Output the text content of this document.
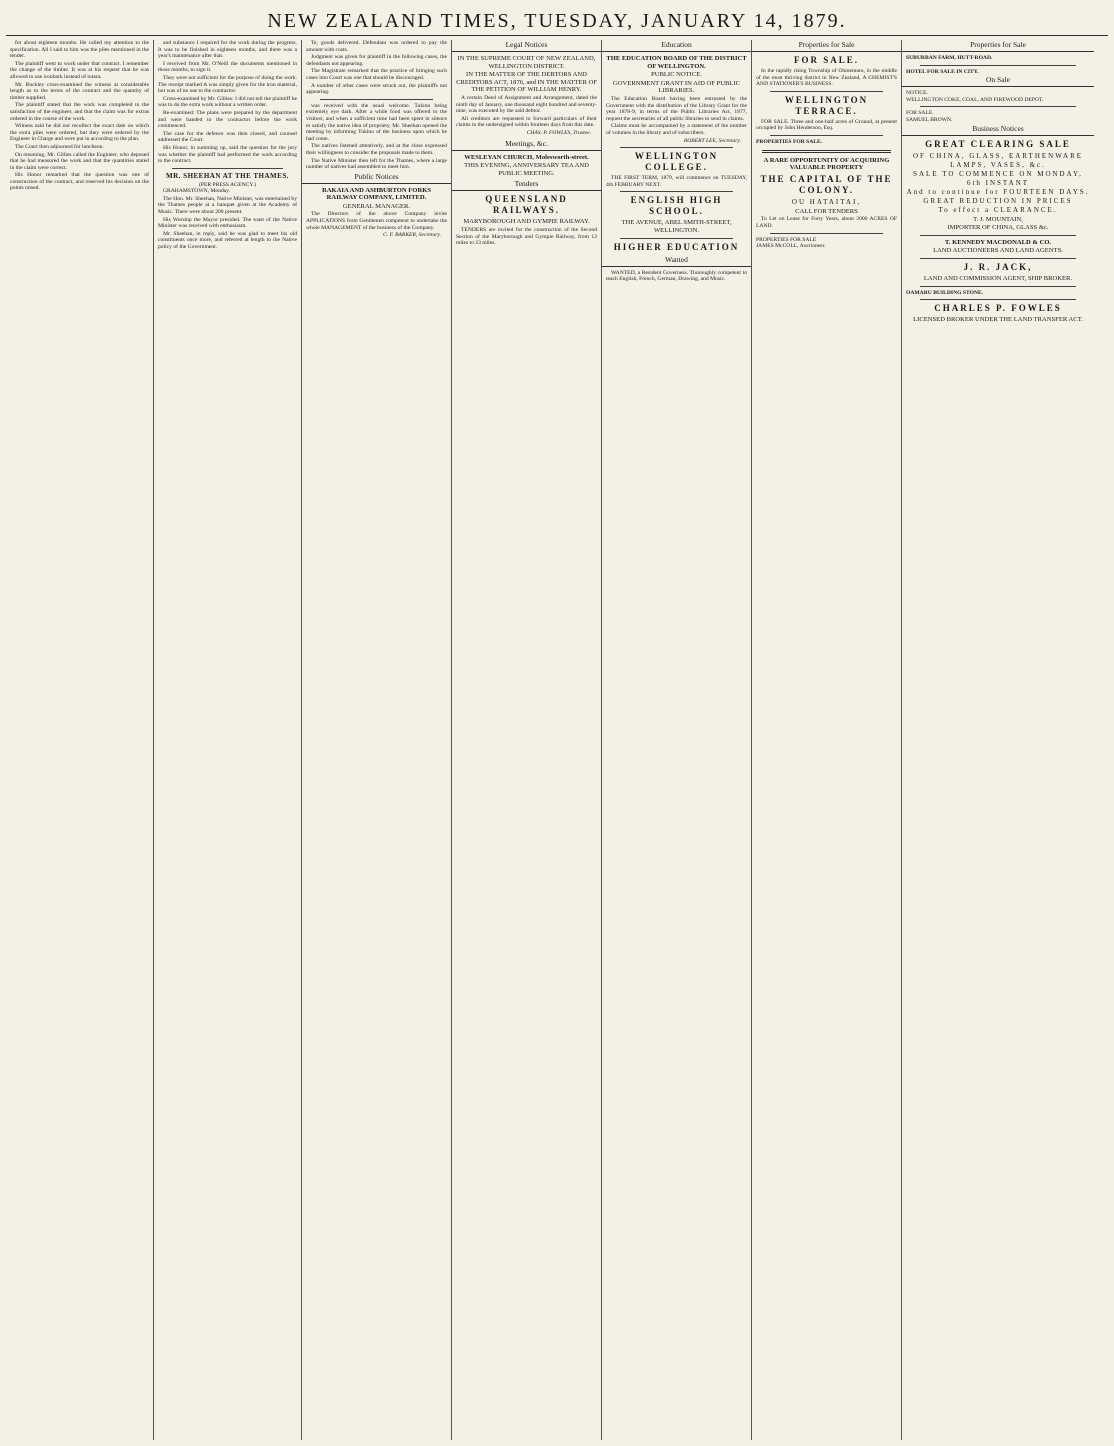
NEW ZEALAND TIMES, TUESDAY, JANUARY 14, 1879.

for about eighteen months. He called my attention to the specification. All I said to him was the piles mentioned in the tender.

The plaintiff went to work under that contract. I remember the change of the timber. It was at his request that he was allowed to use ironbark instead of totara.

Mr. Buckley cross-examined the witness at considerable length as to the terms of the contract and the quantity of timber supplied.

The plaintiff stated that the work was completed to the satisfaction of the engineer, and that the claim was for extras ordered in the course of the work.

Witness said he did not recollect the exact date on which the extra piles were ordered, but they were ordered by the Engineer in Charge and were put in according to the plan.

The Court then adjourned for luncheon.

On resuming, Mr. Gillies called the Engineer, who deposed that he had measured the work and that the quantities stated in the claim were correct.

His Honor remarked that the question was one of construction of the contract, and reserved his decision on the points raised.

and substance I required for the work during the progress. It was to be finished in eighteen months, and there was a year's maintenance after that.

I received from Mr. O'Neill the documents mentioned in those months, to sign it.

They were not sufficient for the purpose of doing the work. The receipt marked A was simply given for the iron material, but was of no use to the contractor.

Cross-examined by Mr. Gillies: I did not tell the plaintiff he was to do the extra work without a written order.

Re-examined: The plans were prepared by the department and were handed to the contractor before the work commenced.

The case for the defence was then closed, and counsel addressed the Court.

His Honor, in summing up, said the question for the jury was whether the plaintiff had performed the work according to the contract.

MR. SHEEHAN AT THE THAMES.
(PER PRESS AGENCY.)

GRAHAMSTOWN, Monday.

The Hon. Mr. Sheehan, Native Minister, was entertained by the Thames people at a banquet given at the Academy of Music. There were about 200 present.

His Worship the Mayor presided. The toast of the Native Minister was received with enthusiasm.

Mr. Sheehan, in reply, said he was glad to meet his old constituents once more, and referred at length to the Native policy of the Government.

Te, goods delivered. Defendant was ordered to pay the amount with costs.

Judgment was given for plaintiff in the following cases, the defendants not appearing.

The Magistrate remarked that the practice of bringing such cases into Court was one that should be discouraged.

A number of other cases were struck out, the plaintiffs not appearing.

was received with the usual welcome. Tukino being extremely eye dark. After a while food was offered to the visitors, and when a sufficient time had been spent in silence to satisfy the native idea of propriety, Mr. Sheehan opened the meeting by informing Tukino of the business upon which he had come.

The natives listened attentively, and at the close expressed their willingness to consider the proposals made to them.

The Native Minister then left for the Thames, where a large number of natives had assembled to meet him.

Public Notices
RAKAIA AND ASHBURTON FORKS RAILWAY COMPANY, LIMITED.
GENERAL MANAGER.

The Directors of the above Company invite APPLICATIONS from Gentlemen competent to undertake the whole MANAGEMENT of the business of the Company.

C. F. BARKER, Secretary.
Legal Notices
IN THE SUPREME COURT OF NEW ZEALAND, WELLINGTON DISTRICT.
IN THE MATTER OF THE DEBTORS AND CREDITORS ACT, 1876, and IN THE MATTER OF THE PETITION OF WILLIAM HENRY.

A certain Deed of Assignment and Arrangement, dated the ninth day of January, one thousand eight hundred and seventy-nine, was executed by the said debtor.

All creditors are requested to forward particulars of their claims to the undersigned within fourteen days from this date.

CHAS. P. FOWLES, Trustee.
Meetings, &c.
WESLEYAN CHURCH, Molesworth-street.
THIS EVENING, ANNIVERSARY TEA AND PUBLIC MEETING.
Tenders
QUEENSLAND RAILWAYS.
MARYBOROUGH AND GYMPIE RAILWAY.

TENDERS are invited for the construction of the Second Section of the Maryborough and Gympie Railway, from 12 miles to 23 miles.

Education
THE EDUCATION BOARD OF THE DISTRICT OF WELLINGTON.
PUBLIC NOTICE.
GOVERNMENT GRANT IN AID OF PUBLIC LIBRARIES.

The Education Board having been entrusted by the Government with the distribution of the Library Grant for the year 1878-9, in terms of the Public Libraries Act, 1877, request the secretaries of all public libraries to send in claims.

Claims must be accompanied by a statement of the number of volumes in the library and of subscribers.

ROBERT LEE, Secretary.
WELLINGTON COLLEGE.

THE FIRST TERM, 1879, will commence on TUESDAY, 4th FEBRUARY NEXT.

ENGLISH HIGH SCHOOL.
THE AVENUE, ABEL SMITH-STREET, WELLINGTON.
HIGHER EDUCATION
Wanted

WANTED, a Resident Governess. Thoroughly competent to teach English, French, German, Drawing, and Music.

Properties for Sale
FOR SALE.

In the rapidly rising Township of Ohinemutu, in the middle of the most thriving district in New Zealand, A CHEMIST'S AND STATIONER'S BUSINESS.

WELLINGTON TERRACE.

FOR SALE. Three and one-half acres of Ground, at present occupied by John Henderson, Esq.

PROPERTIES FOR SALE.
A RARE OPPORTUNITY OF ACQUIRING VALUABLE PROPERTY
THE CAPITAL OF THE COLONY.
OU HATAITAI,
CALL FOR TENDERS

To Let on Lease for Forty Years, about 2000 ACRES OF LAND.

PROPERTIES FOR SALE
JAMES McCOLL, Auctioneer.
Properties for Sale
SUBURBAN FARM, HUTT-ROAD.
HOTEL FOR SALE IN CITY.
On Sale
NOTICE.
WELLINGTON COKE, COAL, AND FIREWOOD DEPOT.
FOR SALE.
SAMUEL BROWN.
Business Notices
GREAT CLEARING SALE
OF CHINA, GLASS, EARTHENWARE LAMPS, VASES, &c.
SALE TO COMMENCE ON MONDAY, 6th INSTANT
And to continue for FOURTEEN DAYS.
GREAT REDUCTION IN PRICES
To effect a CLEARANCE.
T. J. MOUNTAIN,
IMPORTER OF CHINA, GLASS &c.
T. KENNEDY MACDONALD & CO.
LAND AUCTIONEERS AND LAND AGENTS.
J. R. JACK,
LAND AND COMMISSION AGENT, SHIP BROKER.
OAMARU BUILDING STONE.
CHARLES P. FOWLES
LICENSED BROKER UNDER THE LAND TRANSFER ACT.
